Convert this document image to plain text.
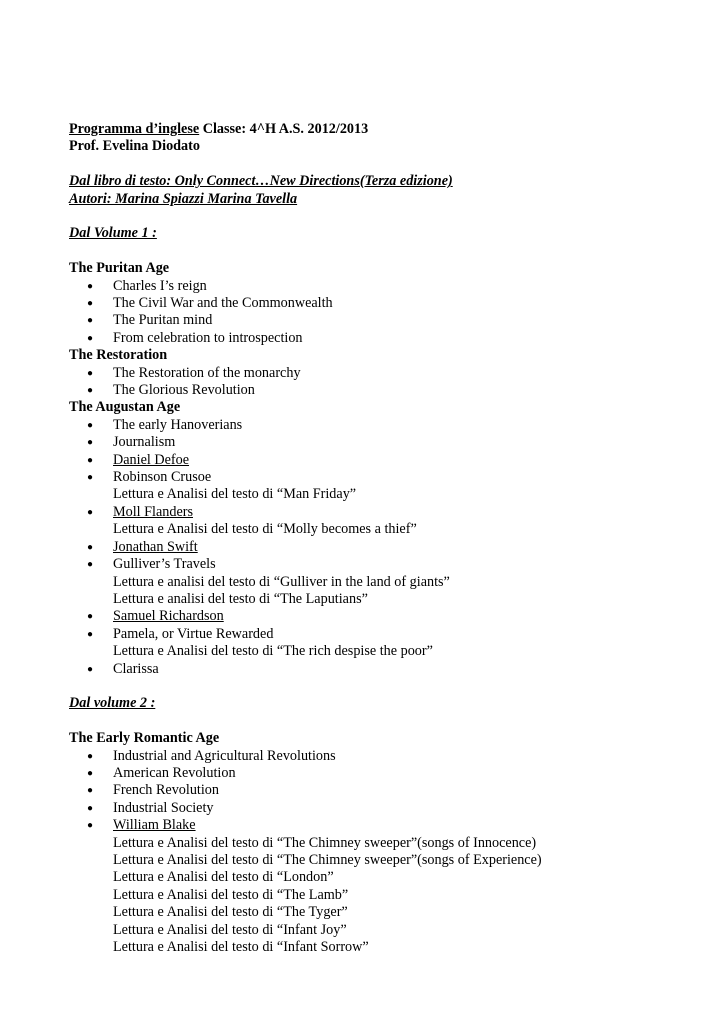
Programma d’inglese Classe: 4^H A.S. 2012/2013
Prof. Evelina Diodato
Dal libro di testo: Only Connect…New Directions(Terza edizione)
Autori: Marina Spiazzi Marina Tavella
Dal Volume 1 :
The Puritan Age
● Charles I’s reign
● The Civil War and the Commonwealth
● The Puritan mind
● From celebration to introspection
The Restoration
● The Restoration of the monarchy
● The Glorious Revolution
The Augustan Age
● The early Hanoverians
● Journalism
● Daniel Defoe
● Robinson Crusoe
Lettura e Analisi del testo di “Man Friday”
● Moll Flanders
Lettura e Analisi del testo di “Molly becomes a thief”
● Jonathan Swift
● Gulliver’s Travels
Lettura e analisi del testo di “Gulliver in the land of giants”
Lettura e analisi del testo di “The Laputians”
● Samuel Richardson
● Pamela, or Virtue Rewarded
Lettura e Analisi del testo di “The rich despise the poor”
● Clarissa
Dal volume 2 :
The Early Romantic Age
● Industrial and Agricultural Revolutions
● American Revolution
● French Revolution
● Industrial Society
● William Blake
Lettura e Analisi del testo di “The Chimney sweeper”(songs of Innocence)
Lettura e Analisi del testo di “The Chimney sweeper”(songs of Experience)
Lettura e Analisi del testo di “London”
Lettura e Analisi del testo di “The Lamb”
Lettura e Analisi del testo di “The Tyger”
Lettura e Analisi del testo di “Infant Joy”
Lettura e Analisi del testo di “Infant Sorrow”
